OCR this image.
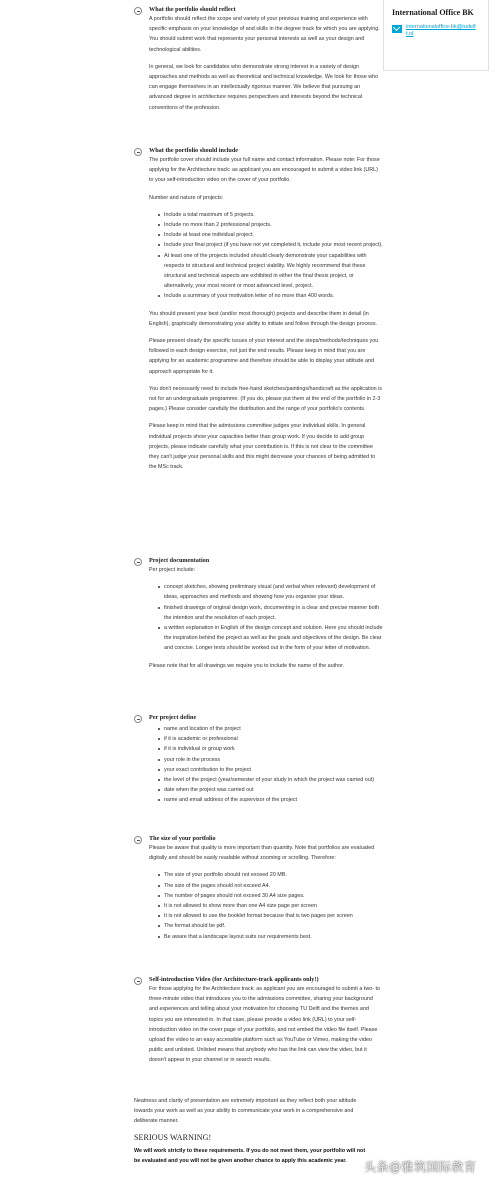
International Office BK
internationaloffice-bk@tudelft.nl
What the portfolio should reflect
A portfolio should reflect the scope and variety of your previous training and experience with specific emphasis on your knowledge of and skills in the degree track for which you are applying. You should submit work that represents your personal interests as well as your design and technological abilities.
In general, we look for candidates who demonstrate strong interest in a variety of design approaches and methods as well as theoretical and technical knowledge. We look for those who can engage themselves in an intellectually rigorous manner. We believe that pursuing an advanced degree in architecture requires perspectives and interests beyond the technical conventions of the profession.
What the portfolio should include
The portfolio cover should include your full name and contact information. Please note: For those applying for the Architecture track: as applicant you are encouraged to submit a video link (URL) to your self-introduction video on the cover of your portfolio.
Number and nature of projects:
Include a total maximum of 5 projects.
Include no more than 2 professional projects.
Include at least one individual project.
Include your final project (if you have not yet completed it, include your most recent project).
At least one of the projects included should clearly demonstrate your capabilities with respects to structural and technical project viability. We highly recommend that these structural and technical aspects are exhibited in either the final thesis project, or alternatively, your most recent or most advanced level, project.
Include a summary of your motivation letter of no more than 400 words.
You should present your best (and/or most thorough) projects and describe them in detail (in English), graphically demonstrating your ability to initiate and follow through the design process.
Please present clearly the specific issues of your interest and the steps/methods/techniques you followed in each design exercise, not just the end results. Please keep in mind that you are applying for an academic programme and therefore should be able to display your attitude and approach appropriate for it.
You don't necessarily need to include free-hand sketches/paintings/handicraft as the application is not for an undergraduate programme. (If you do, please put them at the end of the portfolio in 2-3 pages.) Please consider carefully the distribution and the range of your portfolio's contents.
Please keep in mind that the admissions committee judges your individual skills. In general individual projects show your capacities better than group work. If you decide to add group projects, please indicate carefully what your contribution is. If this is not clear to the committee they can't judge your personal skills and this might decrease your chances of being admitted to the MSc track.
Project documentation
Per project include:
concept sketches, showing preliminary visual (and verbal when relevant) development of ideas, approaches and methods and showing how you organise your ideas.
finished drawings of original design work, documenting in a clear and precise manner both the intention and the resolution of each project.
a written explanation in English of the design concept and solution. Here you should include the inspiration behind the project as well as the goals and objectives of the design. Be clear and concise. Longer texts should be worked out in the form of your letter of motivation.
Please note that for all drawings we require you to include the name of the author.
Per project define
name and location of the project
if it is academic or professional
if it is individual or group work
your role in the process
your exact contribution to the project
the level of the project (year/semester of your study in which the project was carried out)
date when the project was carried out
name and email address of the supervisor of the project
The size of your portfolio
Please be aware that quality is more important than quantity. Note that portfolios are evaluated digitally and should be easily readable without zooming or scrolling. Therefore:
The size of your portfolio should not exceed 20 MB.
The size of the pages should not exceed A4.
The number of pages should not exceed 30 A4 size pages.
It is not allowed to show more than one A4 size page per screen
It is not allowed to use the booklet format because that is two pages per screen
The format should be pdf.
Be aware that a landscape layout suits our requirements best.
Self-introduction Video (for Architecture-track applicants only!)
For those applying for the Architecture track: as applicant you are encouraged to submit a two- to three-minute video that introduces you to the admissions committee, sharing your background and experiences and telling about your motivation for choosing TU Delft and the themes and topics you are interested in. In that case, please provide a video link (URL) to your self-introduction video on the cover page of your portfolio, and not embed the video file itself. Please upload the video to an easy accessible platform such as YouTube or Vimeo, making the video public and unlisted. Unlisted means that anybody who has the link can view the video, but it doesn't appear in your channel or in search results.
Neatness and clarity of presentation are extremely important as they reflect both your attitude towards your work as well as your ability to communicate your work in a comprehensive and deliberate manner.
SERIOUS WARNING!
We will work strictly to these requirements. If you do not meet them, your portfolio will not be evaluated and you will not be given another chance to apply this academic year.	头条@雅筑国际教育
